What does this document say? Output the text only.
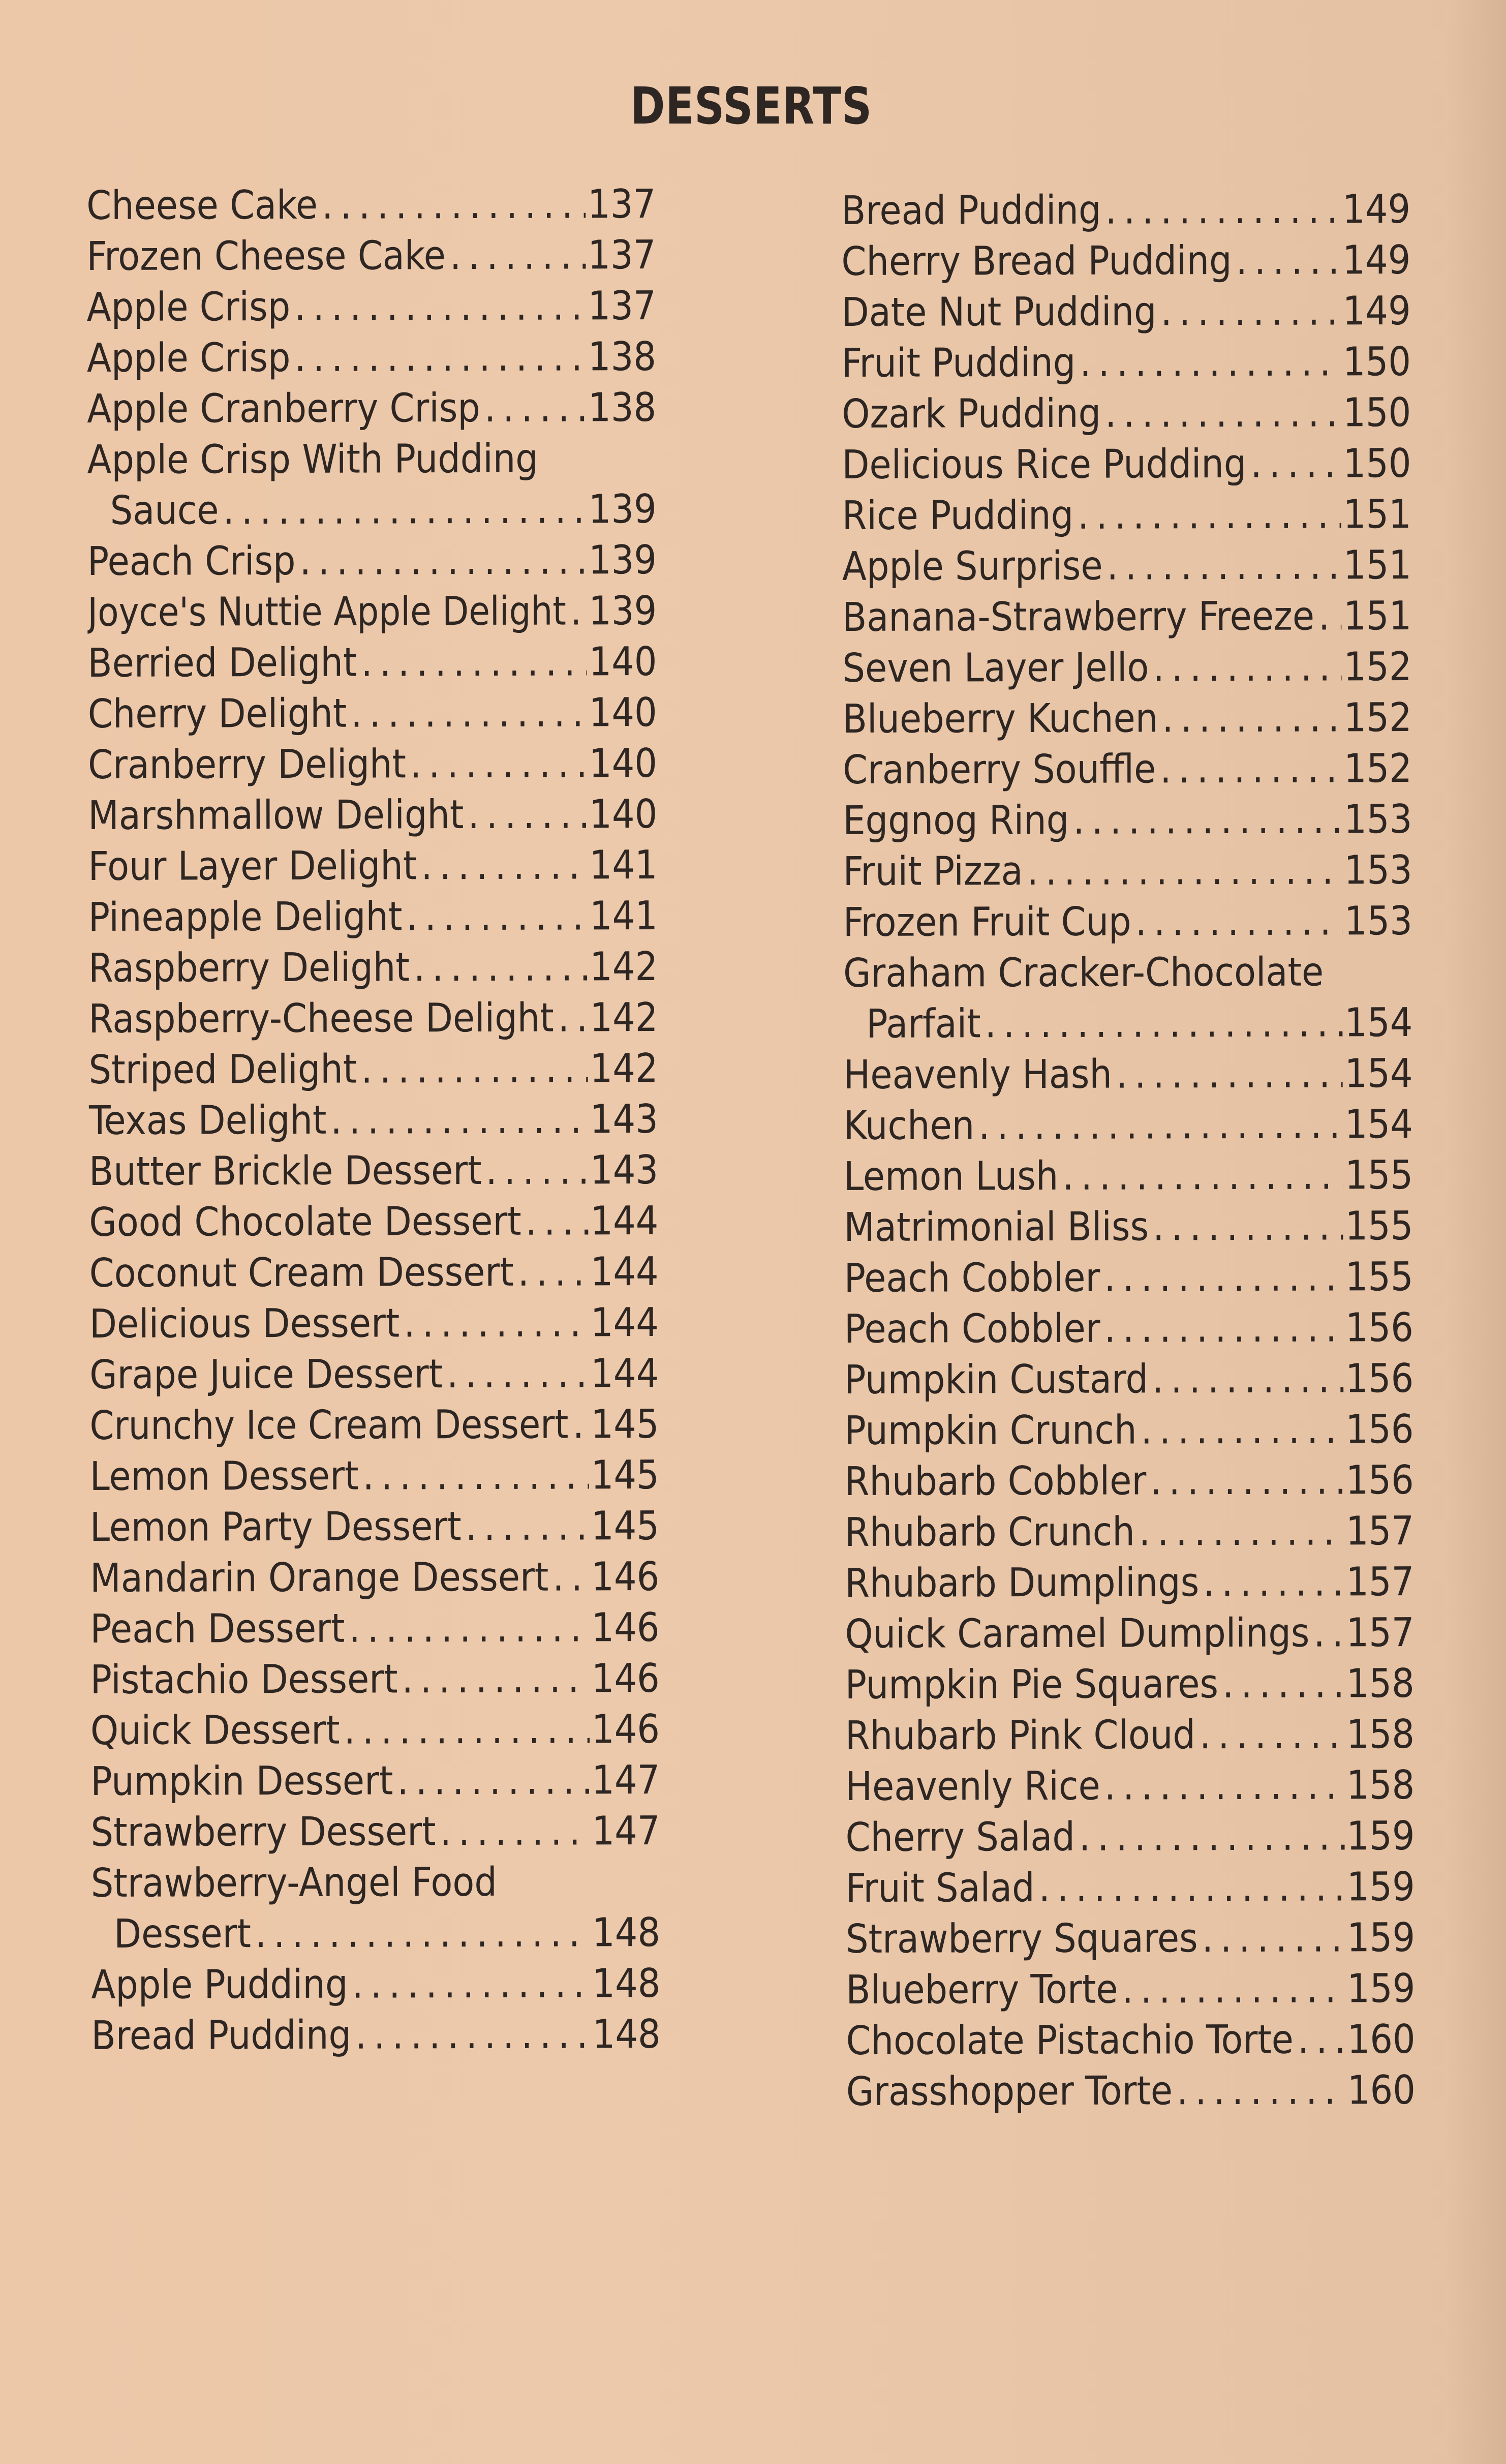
DESSERTS
Cheese Cake .....	137
Frozen Cheese Cake .....	137
Apple Crisp .....	137
Apple Crisp .....	138
Apple Cranberry Crisp .....	138
Apple Crisp With Pudding
Sauce .....	139
Peach Crisp .....	139
Joyce's Nuttie Apple Delight ..... 139
Berried Delight .....	140
Cherry Delight .....	140
Cranberry Delight .....	140
Marshmallow Delight .....	140
Four Layer Delight .....	141
Pineapple Delight .....	141
Raspberry Delight .....	142
Raspberry-Cheese Delight ..... 142
Striped Delight .....	142
Texas Delight .....	143
Butter Brickle Dessert .....	143
Good Chocolate Dessert ..... 144
Coconut Cream Dessert ..... 144
Delicious Dessert .....	144
Grape Juice Dessert .....	144
Crunchy Ice Cream Dessert ..... 145
Lemon Dessert .....	145
Lemon Party Dessert .....	145
Mandarin Orange Dessert ..... 146
Peach Dessert .....	146
Pistachio Dessert .....	146
Quick Dessert .....	146
Pumpkin Dessert .....	147
Strawberry Dessert .....	147
Strawberry-Angel Food
Dessert .....	148
Apple Pudding .....	148
Bread Pudding .....	148
Bread Pudding .....	149
Cherry Bread Pudding .....	149
Date Nut Pudding .....	149
Fruit Pudding .....	150
Ozark Pudding .....	150
Delicious Rice Pudding ..... 150
Rice Pudding .....	151
Apple Surprise .....	151
Banana-Strawberry Freeze ..... 151
Seven Layer Jello .....	152
Blueberry Kuchen .....	152
Cranberry Souffle .....	152
Eggnog Ring .....	153
Fruit Pizza .....	153
Frozen Fruit Cup .....	153
Graham Cracker-Chocolate
Parfait .....	154
Heavenly Hash .....	154
Kuchen .....	154
Lemon Lush .....	155
Matrimonial Bliss .....	155
Peach Cobbler .....	155
Peach Cobbler .....	156
Pumpkin Custard .....	156
Pumpkin Crunch .....	156
Rhubarb Cobbler .....	156
Rhubarb Crunch .....	157
Rhubarb Dumplings .....	157
Quick Caramel Dumplings ..... 157
Pumpkin Pie Squares .....	158
Rhubarb Pink Cloud .....	158
Heavenly Rice .....	158
Cherry Salad .....	159
Fruit Salad .....	159
Strawberry Squares .....	159
Blueberry Torte .....	159
Chocolate Pistachio Torte ..... 160
Grasshopper Torte .....	160
